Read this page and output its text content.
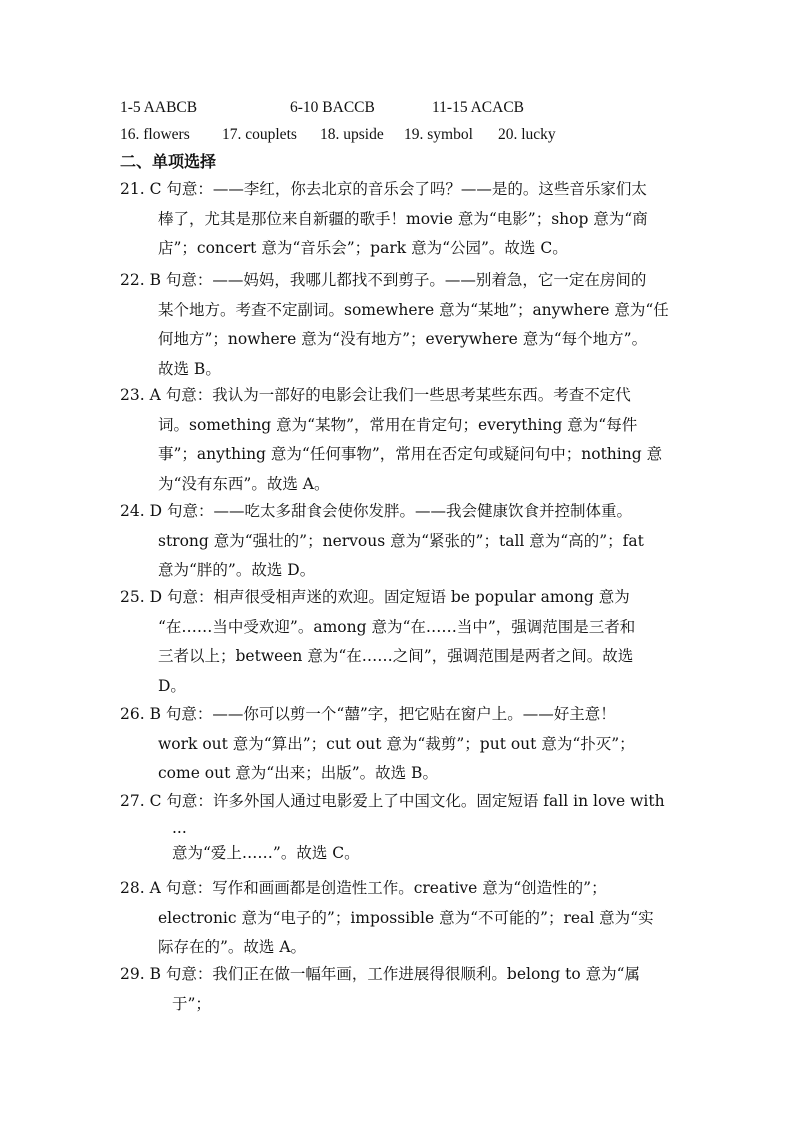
1-5 AABCB	6-10 BACCB	11-15 ACACB
16. flowers 17. couplets 18. upside 19. symbol 20. lucky
二、单项选择
21. C 句意：——李红，你去北京的音乐会了吗？——是的。这些音乐家们太
棒了，尤其是那位来自新疆的歌手！movie 意为“电影”；shop 意为“商
店”；concert 意为“音乐会”；park 意为“公园”。故选 C。
22. B 句意：——妈妈，我哪儿都找不到剪子。——别着急，它一定在房间的
某个地方。考查不定副词。somewhere 意为“某地”；anywhere 意为“任
何地方”；nowhere 意为“没有地方”；everywhere 意为“每个地方”。
故选 B。
23. A 句意：我认为一部好的电影会让我们一些思考某些东西。考查不定代
词。something 意为“某物”，常用在肯定句；everything 意为“每件
事”；anything 意为“任何事物”，常用在否定句或疑问句中；nothing 意
为“没有东西”。故选 A。
24. D 句意：——吃太多甜食会使你发胖。——我会健康饮食并控制体重。
strong 意为“强壮的”；nervous 意为“紧张的”；tall 意为“高的”；fat
意为“胖的”。故选 D。
25. D 句意：相声很受相声迷的欢迎。固定短语 be popular among 意为
“在……当中受欢迎”。among 意为“在……当中”，强调范围是三者和
三者以上；between 意为“在……之间”，强调范围是两者之间。故选
D。
26. B 句意：——你可以剪一个“囍”字，把它贴在窗户上。——好主意！
work out 意为“算出”；cut out 意为“裁剪”；put out 意为“扑灭”；
come out 意为“出来；出版”。故选 B。
27. C 句意：许多外国人通过电影爱上了中国文化。固定短语 fall in love with
...
意为“爱上……”。故选 C。
28. A 句意：写作和画画都是创造性工作。creative 意为“创造性的”；
electronic 意为“电子的”；impossible 意为“不可能的”；real 意为“实
际存在的”。故选 A。
29. B 句意：我们正在做一幅年画，工作进展得很顺利。belong to 意为“属
于”；
